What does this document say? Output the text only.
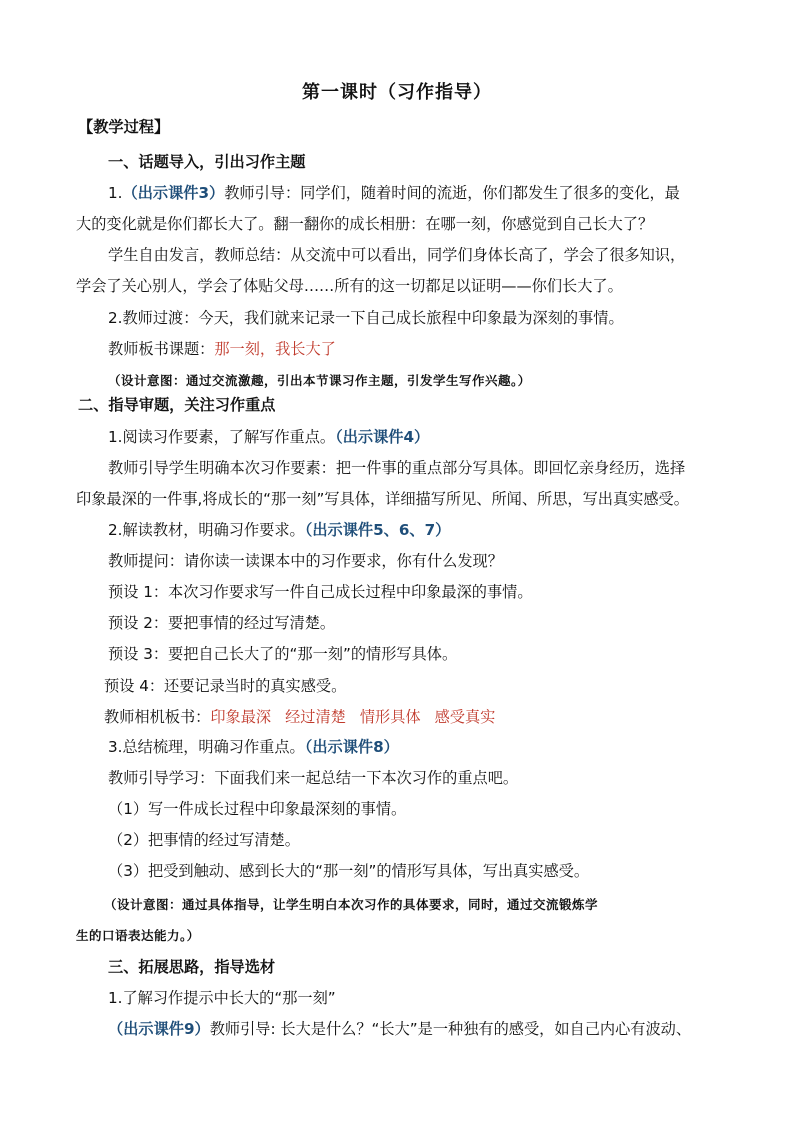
第一课时（习作指导）
【教学过程】
一、话题导入，引出习作主题
1.（出示课件3）教师引导：同学们，随着时间的流逝，你们都发生了很多的变化，最
大的变化就是你们都长大了。翻一翻你的成长相册：在哪一刻，你感觉到自己长大了？
学生自由发言，教师总结：从交流中可以看出，同学们身体长高了，学会了很多知识，
学会了关心别人，学会了体贴父母……所有的这一切都足以证明——你们长大了。
2.教师过渡：今天，我们就来记录一下自己成长旅程中印象最为深刻的事情。
教师板书课题：那一刻，我长大了
（设计意图：通过交流激趣，引出本节课习作主题，引发学生写作兴趣。）
二、指导审题，关注习作重点
1.阅读习作要素，了解写作重点。（出示课件4）
教师引导学生明确本次习作要素：把一件事的重点部分写具体。即回忆亲身经历，选择
印象最深的一件事,将成长的“那一刻”写具体，详细描写所见、所闻、所思，写出真实感受。
2.解读教材，明确习作要求。（出示课件5、6、7）
教师提问：请你读一读课本中的习作要求，你有什么发现？
预设 1：本次习作要求写一件自己成长过程中印象最深的事情。
预设 2：要把事情的经过写清楚。
预设 3：要把自己长大了的“那一刻”的情形写具体。
预设 4：还要记录当时的真实感受。
教师相机板书：印象最深 经过清楚 情形具体 感受真实
3.总结梳理，明确习作重点。（出示课件8）
教师引导学习：下面我们来一起总结一下本次习作的重点吧。
（1）写一件成长过程中印象最深刻的事情。
（2）把事情的经过写清楚。
（3）把受到触动、感到长大的“那一刻”的情形写具体，写出真实感受。
（设计意图：通过具体指导，让学生明白本次习作的具体要求，同时，通过交流锻炼学
生的口语表达能力。）
三、拓展思路，指导选材
1.了解习作提示中长大的“那一刻”
（出示课件9）教师引导: 长大是什么？“长大”是一种独有的感受，如自己内心有波动、
